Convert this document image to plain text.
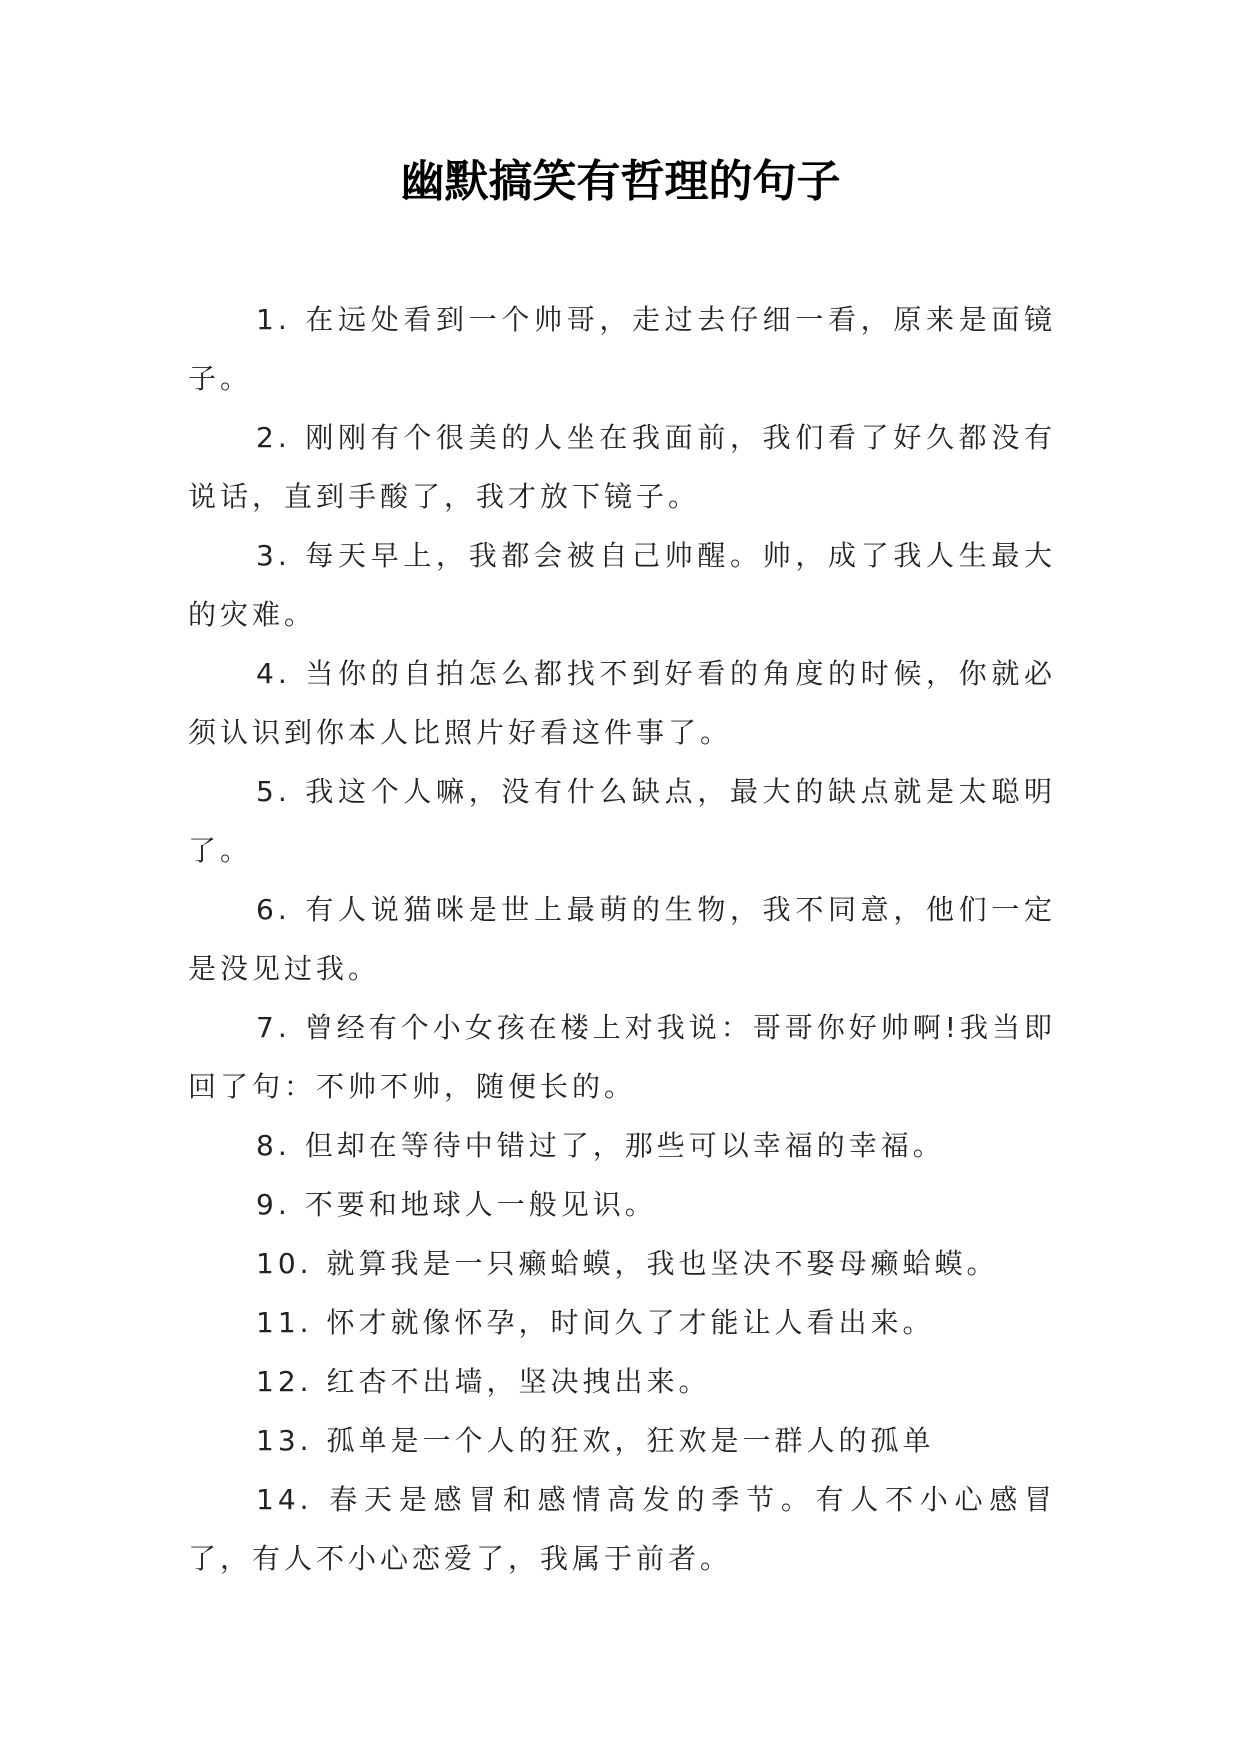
幽默搞笑有哲理的句子

1. 在远处看到一个帅哥，走过去仔细一看，原来是面镜子。

2. 刚刚有个很美的人坐在我面前，我们看了好久都没有说话，直到手酸了，我才放下镜子。

3. 每天早上，我都会被自己帅醒。帅，成了我人生最大的灾难。

4. 当你的自拍怎么都找不到好看的角度的时候，你就必须认识到你本人比照片好看这件事了。

5. 我这个人嘛，没有什么缺点，最大的缺点就是太聪明了。

6. 有人说猫咪是世上最萌的生物，我不同意，他们一定是没见过我。

7. 曾经有个小女孩在楼上对我说：哥哥你好帅啊!我当即回了句：不帅不帅，随便长的。

8. 但却在等待中错过了，那些可以幸福的幸福。

9. 不要和地球人一般见识。

10. 就算我是一只癞蛤蟆，我也坚决不娶母癞蛤蟆。

11. 怀才就像怀孕，时间久了才能让人看出来。

12. 红杏不出墙，坚决拽出来。

13. 孤单是一个人的狂欢，狂欢是一群人的孤单

14. 春天是感冒和感情高发的季节。有人不小心感冒了，有人不小心恋爱了，我属于前者。
